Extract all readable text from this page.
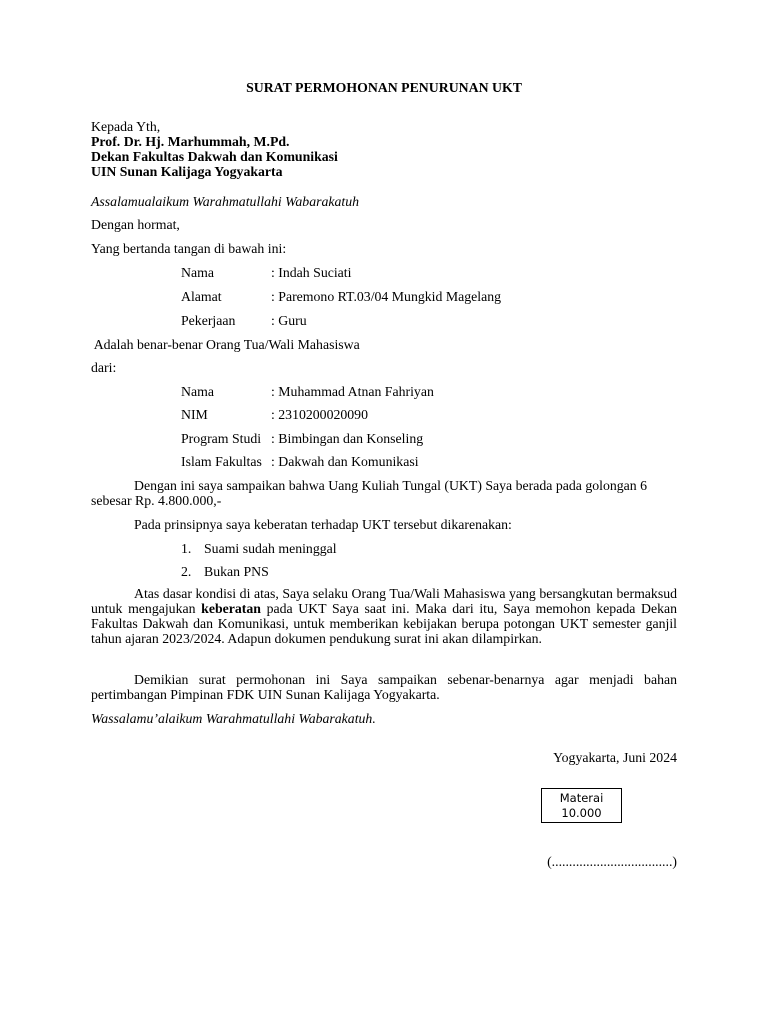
SURAT PERMOHONAN PENURUNAN UKT
Kepada Yth,
Prof. Dr. Hj. Marhummah, M.Pd.
Dekan Fakultas Dakwah dan Komunikasi
UIN Sunan Kalijaga Yogyakarta
Assalamualaikum Warahmatullahi Wabarakatuh
Dengan hormat,
Yang bertanda tangan di bawah ini:
Nama	: Indah Suciati
Alamat	: Paremono RT.03/04 Mungkid Magelang
Pekerjaan	: Guru
Adalah benar-benar Orang Tua/Wali Mahasiswa
dari:
Nama	: Muhammad Atnan Fahriyan
NIM	: 2310200020090
Program Studi : Bimbingan dan Konseling
Islam Fakultas : Dakwah dan Komunikasi
Dengan ini saya sampaikan bahwa Uang Kuliah Tungal (UKT) Saya berada pada golongan 6 sebesar Rp. 4.800.000,-
Pada prinsipnya saya keberatan terhadap UKT tersebut dikarenakan:
1. Suami sudah meninggal
2. Bukan PNS
Atas dasar kondisi di atas, Saya selaku Orang Tua/Wali Mahasiswa yang bersangkutan bermaksud untuk mengajukan keberatan pada UKT Saya saat ini. Maka dari itu, Saya memohon kepada Dekan Fakultas Dakwah dan Komunikasi, untuk memberikan kebijakan berupa potongan UKT semester ganjil tahun ajaran 2023/2024. Adapun dokumen pendukung surat ini akan dilampirkan.
Demikian surat permohonan ini Saya sampaikan sebenar-benarnya agar menjadi bahan pertimbangan Pimpinan FDK UIN Sunan Kalijaga Yogyakarta.
Wassalamu’alaikum Warahmatullahi Wabarakatuh.
Yogyakarta, Juni 2024
Materai
10.000
(...................................)
